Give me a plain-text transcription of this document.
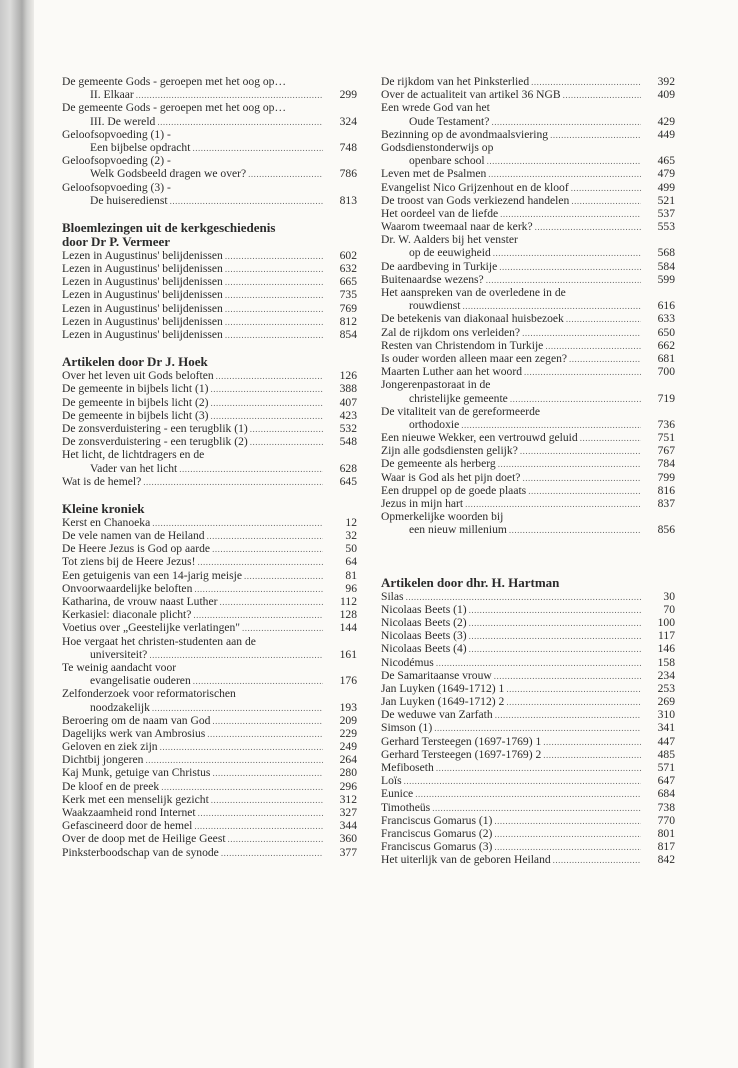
De gemeente Gods - geroepen met het oog op…
II. Elkaar .....	299
De gemeente Gods - geroepen met het oog op…
III. De wereld .....	324
Geloofsopvoeding (1) -
Een bijbelse opdracht .....	748
Geloofsopvoeding (2) -
Welk Godsbeeld dragen we over? .....	786
Geloofsopvoeding (3) -
De huiseredienst .....	813
Bloemlezingen uit de kerkgeschiedenis
door Dr P. Vermeer
Lezen in Augustinus' belijdenissen .....	602
Lezen in Augustinus' belijdenissen .....	632
Lezen in Augustinus' belijdenissen .....	665
Lezen in Augustinus' belijdenissen .....	735
Lezen in Augustinus' belijdenissen .....	769
Lezen in Augustinus' belijdenissen .....	812
Lezen in Augustinus' belijdenissen .....	854
Artikelen door Dr J. Hoek
Over het leven uit Gods beloften .....	126
De gemeente in bijbels licht (1) .....	388
De gemeente in bijbels licht (2) .....	407
De gemeente in bijbels licht (3) .....	423
De zonsverduistering - een terugblik (1) .....	532
De zonsverduistering - een terugblik (2) .....	548
Het licht, de lichtdragers en de
Vader van het licht .....	628
Wat is de hemel? .....	645
Kleine kroniek
Kerst en Chanoeka .....	12
De vele namen van de Heiland .....	32
De Heere Jezus is God op aarde .....	50
Tot ziens bij de Heere Jezus! .....	64
Een getuigenis van een 14-jarig meisje .....	81
Onvoorwaardelijke beloften .....	96
Katharina, de vrouw naast Luther .....	112
Kerkasiel: diaconale plicht? .....	128
Voetius over „Geestelijke verlatingen" .....	144
Hoe vergaat het christen-studenten aan de
universiteit? .....	161
Te weinig aandacht voor
evangelisatie ouderen .....	176
Zelfonderzoek voor reformatorischen
noodzakelijk .....	193
Beroering om de naam van God .....	209
Dagelijks werk van Ambrosius .....	229
Geloven en ziek zijn .....	249
Dichtbij jongeren .....	264
Kaj Munk, getuige van Christus .....	280
De kloof en de preek .....	296
Kerk met een menselijk gezicht .....	312
Waakzaamheid rond Internet .....	327
Gefascineerd door de hemel .....	344
Over de doop met de Heilige Geest .....	360
Pinksterboodschap van de synode .....	377
De rijkdom van het Pinksterlied .....	392
Over de actualiteit van artikel 36 NGB .....	409
Een wrede God van het
Oude Testament? .....	429
Bezinning op de avondmaalsviering .....	449
Godsdienstonderwijs op
openbare school .....	465
Leven met de Psalmen .....	479
Evangelist Nico Grijzenhout en de kloof .....	499
De troost van Gods verkiezend handelen .....	521
Het oordeel van de liefde .....	537
Waarom tweemaal naar de kerk? .....	553
Dr. W. Aalders bij het venster
op de eeuwigheid .....	568
De aardbeving in Turkije .....	584
Buitenaardse wezens? .....	599
Het aanspreken van de overledene in de
rouwdienst .....	616
De betekenis van diakonaal huisbezoek .....	633
Zal de rijkdom ons verleiden? .....	650
Resten van Christendom in Turkije .....	662
Is ouder worden alleen maar een zegen? .....	681
Maarten Luther aan het woord .....	700
Jongerenpastoraat in de
christelijke gemeente .....	719
De vitaliteit van de gereformeerde
orthodoxie .....	736
Een nieuwe Wekker, een vertrouwd geluid .....	751
Zijn alle godsdiensten gelijk? .....	767
De gemeente als herberg .....	784
Waar is God als het pijn doet? .....	799
Een druppel op de goede plaats .....	816
Jezus in mijn hart .....	837
Opmerkelijke woorden bij
een nieuw millenium .....	856
Artikelen door dhr. H. Hartman
Silas .....	30
Nicolaas Beets (1) .....	70
Nicolaas Beets (2) .....	100
Nicolaas Beets (3) .....	117
Nicolaas Beets (4) .....	146
Nicodémus .....	158
De Samaritaanse vrouw .....	234
Jan Luyken (1649-1712) 1 .....	253
Jan Luyken (1649-1712) 2 .....	269
De weduwe van Zarfath .....	310
Simson (1) .....	341
Gerhard Tersteegen (1697-1769) 1 .....	447
Gerhard Tersteegen (1697-1769) 2 .....	485
Mefiboseth .....	571
Loïs .....	647
Eunice .....	684
Timotheüs .....	738
Franciscus Gomarus (1) .....	770
Franciscus Gomarus (2) .....	801
Franciscus Gomarus (3) .....	817
Het uiterlijk van de geboren Heiland .....	842
